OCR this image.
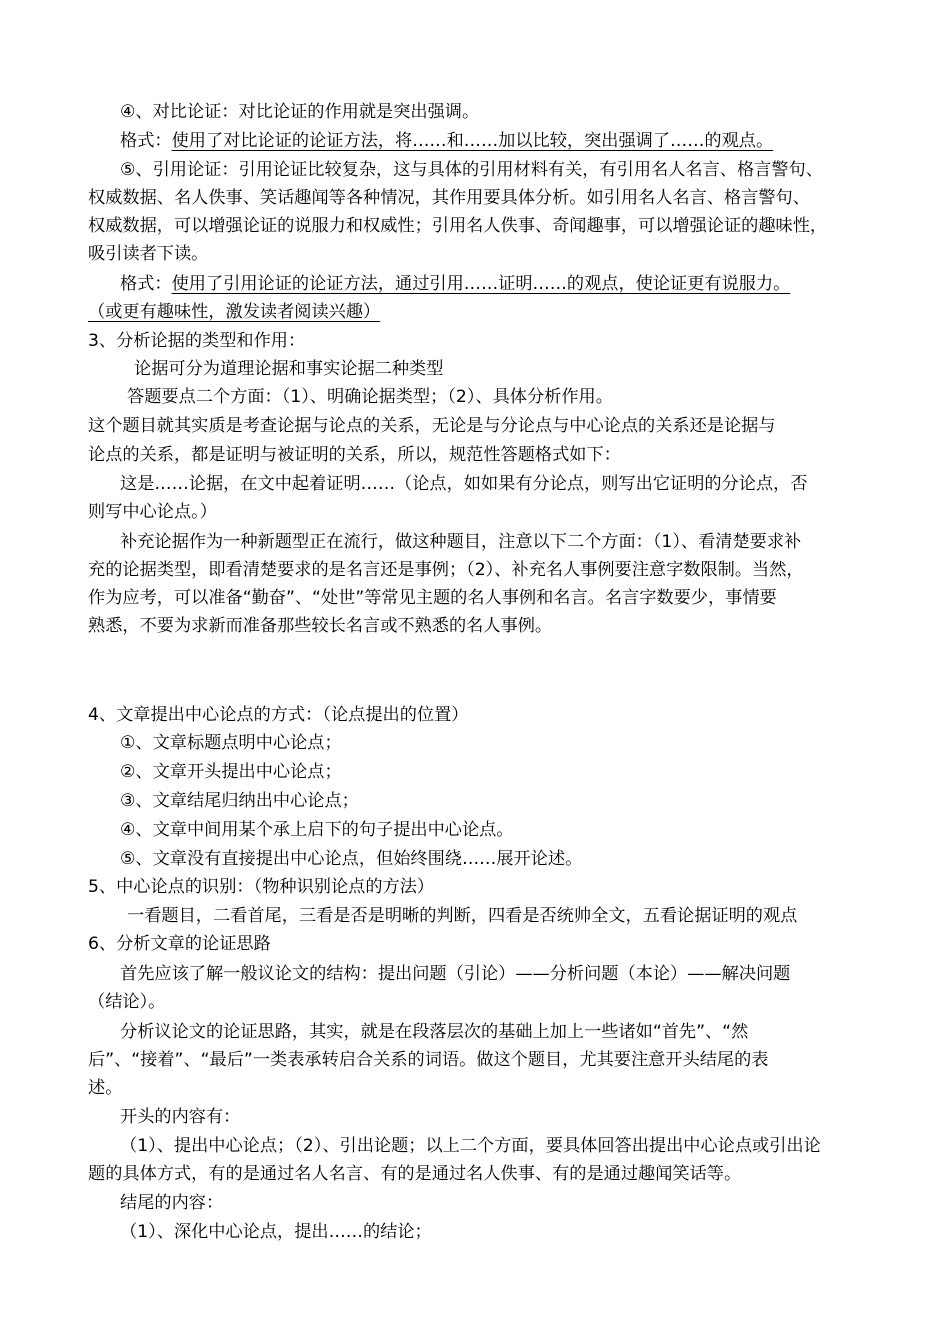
④、对比论证：对比论证的作用就是突出强调。
格式：使用了对比论证的论证方法，将……和……加以比较，突出强调了……的观点。
⑤、引用论证：引用论证比较复杂，这与具体的引用材料有关，有引用名人名言、格言警句、
权威数据、名人佚事、笑话趣闻等各种情况，其作用要具体分析。如引用名人名言、格言警句、
权威数据，可以增强论证的说服力和权威性；引用名人佚事、奇闻趣事，可以增强论证的趣味性，
吸引读者下读。
格式：使用了引用论证的论证方法，通过引用……证明……的观点，使论证更有说服力。
（或更有趣味性，激发读者阅读兴趣）
3、分析论据的类型和作用：
论据可分为道理论据和事实论据二种类型
答题要点二个方面：（1）、明确论据类型；（2）、具体分析作用。
这个题目就其实质是考查论据与论点的关系，无论是与分论点与中心论点的关系还是论据与
论点的关系，都是证明与被证明的关系，所以，规范性答题格式如下：
这是……论据，在文中起着证明……（论点，如如果有分论点，则写出它证明的分论点，否
则写中心论点。）
补充论据作为一种新题型正在流行，做这种题目，注意以下二个方面：（1）、看清楚要求补
充的论据类型，即看清楚要求的是名言还是事例；（2）、补充名人事例要注意字数限制。当然，
作为应考，可以准备“勤奋”、“处世”等常见主题的名人事例和名言。名言字数要少，事情要
熟悉，不要为求新而准备那些较长名言或不熟悉的名人事例。
4、文章提出中心论点的方式：（论点提出的位置）
①、文章标题点明中心论点；
②、文章开头提出中心论点；
③、文章结尾归纳出中心论点；
④、文章中间用某个承上启下的句子提出中心论点。
⑤、文章没有直接提出中心论点，但始终围绕……展开论述。
5、中心论点的识别：（物种识别论点的方法）
一看题目，二看首尾，三看是否是明晰的判断，四看是否统帅全文，五看论据证明的观点
6、分析文章的论证思路
首先应该了解一般议论文的结构：提出问题（引论）——分析问题（本论）——解决问题
（结论）。
分析议论文的论证思路，其实，就是在段落层次的基础上加上一些诸如“首先”、“然
后”、“接着”、“最后”一类表承转启合关系的词语。做这个题目，尤其要注意开头结尾的表
述。
开头的内容有：
（1）、提出中心论点；（2）、引出论题；以上二个方面，要具体回答出提出中心论点或引出论
题的具体方式，有的是通过名人名言、有的是通过名人佚事、有的是通过趣闻笑话等。
结尾的内容：
（1）、深化中心论点，提出……的结论；
